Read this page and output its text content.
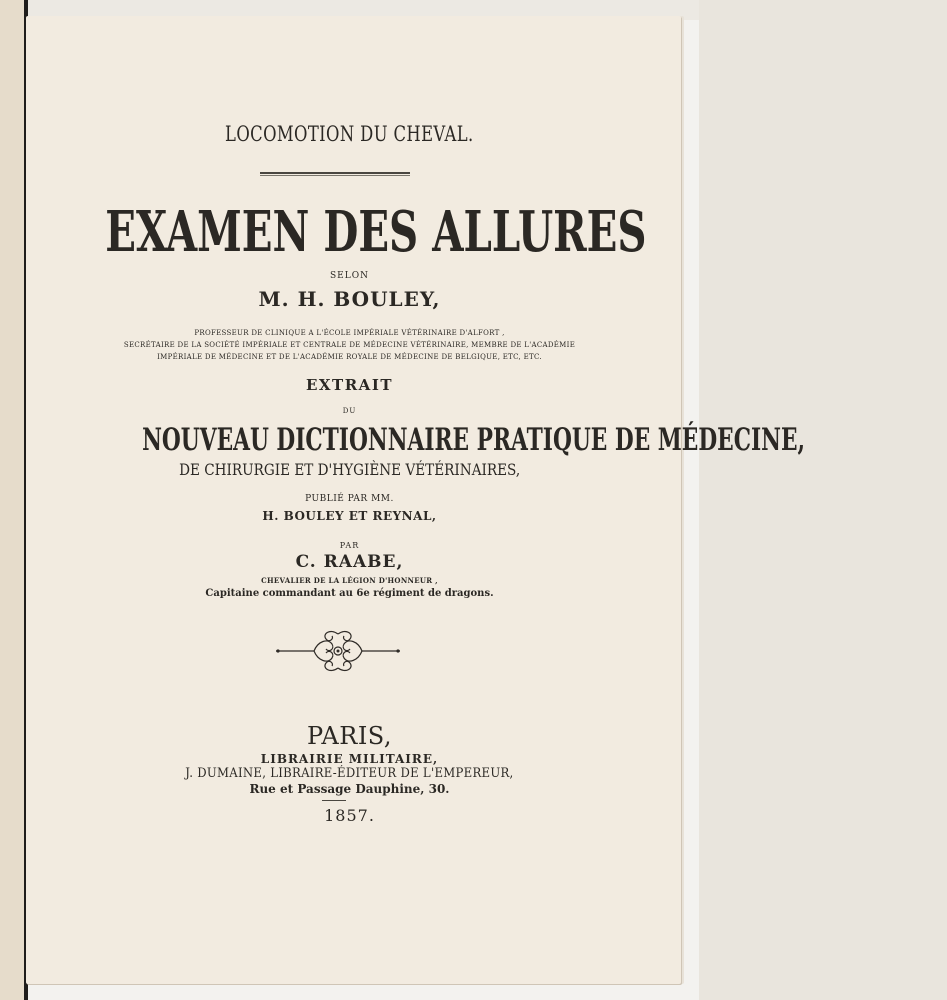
LOCOMOTION DU CHEVAL.
EXAMEN DES ALLURES
SELON
M. H. BOULEY,
PROFESSEUR DE CLINIQUE A L'ÉCOLE IMPÉRIALE VÉTÉRINAIRE D'ALFORT ,
SECRÉTAIRE DE LA SOCIÉTÉ IMPÉRIALE ET CENTRALE DE MÉDECINE VÉTÉRINAIRE, MEMBRE DE L'ACADÉMIE
IMPÉRIALE DE MÉDECINE ET DE L'ACADÉMIE ROYALE DE MÉDECINE DE BELGIQUE, ETC, ETC.
EXTRAIT
DU
NOUVEAU DICTIONNAIRE PRATIQUE DE MÉDECINE,
DE CHIRURGIE ET D'HYGIÈNE VÉTÉRINAIRES,
PUBLIÉ PAR MM.
H. BOULEY ET REYNAL,
PAR
C. RAABE,
CHEVALIER DE LA LÉGION D'HONNEUR ,
Capitaine commandant au 6e régiment de dragons.
PARIS,
LIBRAIRIE MILITAIRE,
J. DUMAINE, LIBRAIRE-ÉDITEUR DE L'EMPEREUR,
Rue et Passage Dauphine, 30.
1857.
